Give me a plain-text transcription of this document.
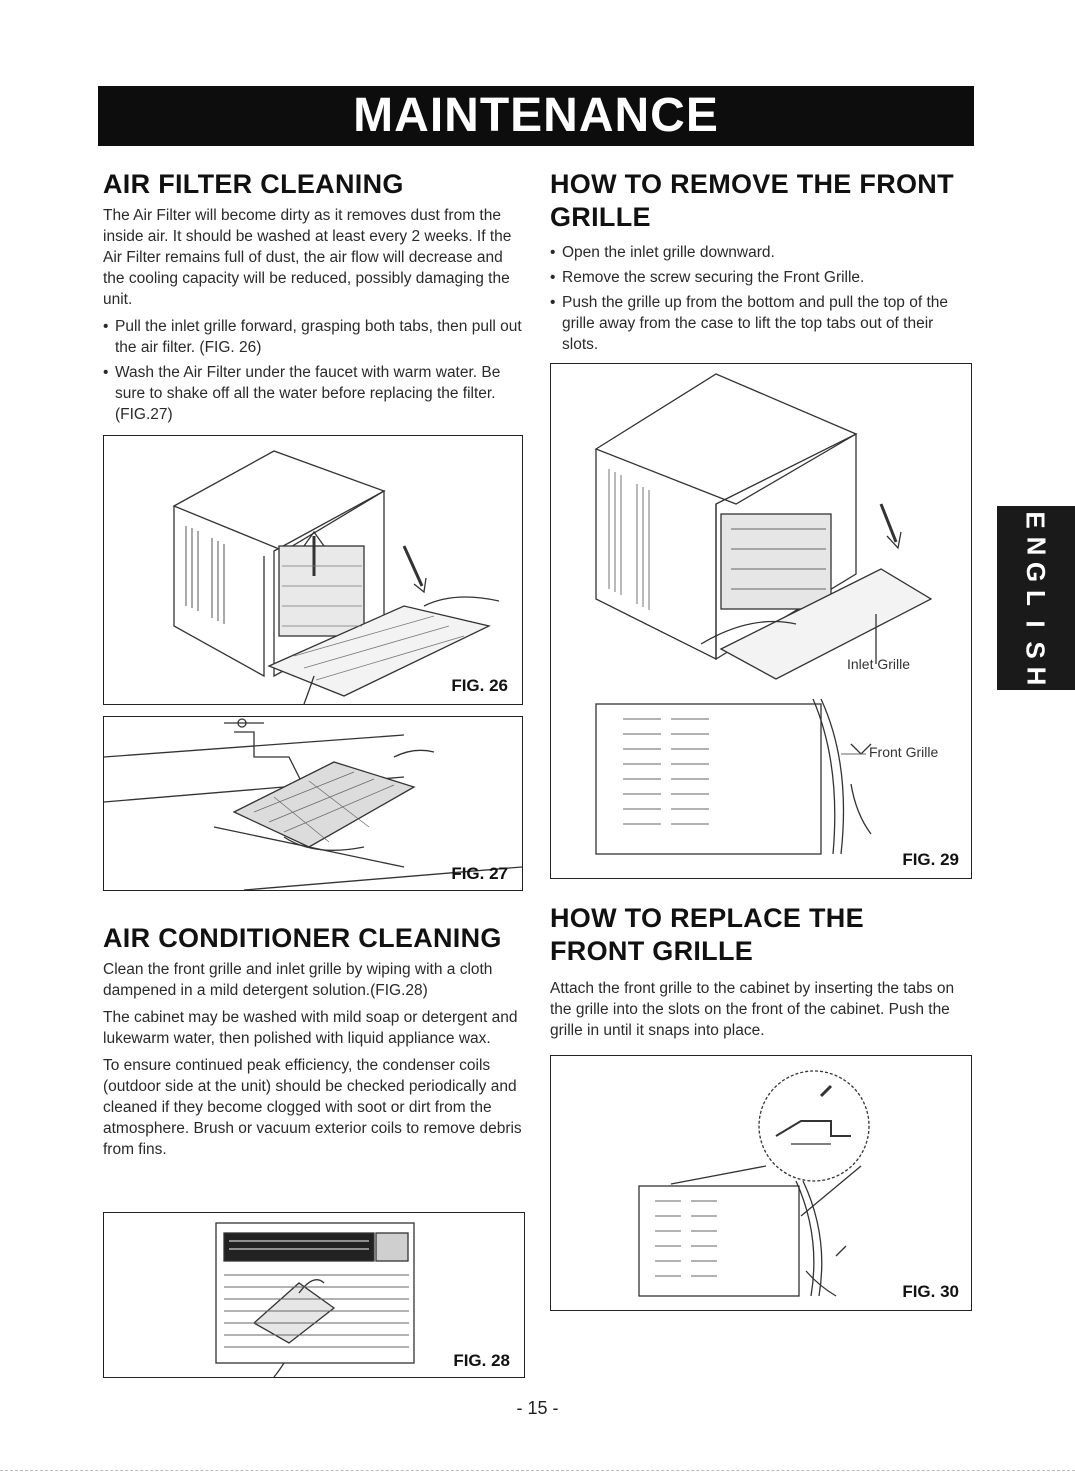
MAINTENANCE
E
N
G
L
I
S
H
AIR FILTER CLEANING

The Air Filter will become dirty as it removes dust from the inside air. It should be washed at least every 2 weeks. If the Air Filter remains full of dust, the air flow will decrease and the cooling capacity will be reduced, possibly damaging the unit.

• Pull the inlet grille forward, grasping both tabs, then pull out the air filter. (FIG. 26)
• Wash the Air Filter under the faucet with warm water. Be sure to shake off all the water before replacing the filter. (FIG.27)
FIG. 26
FIG. 27
AIR CONDITIONER CLEANING

Clean the front grille and inlet grille by wiping with a cloth dampened in a mild detergent solution.(FIG.28)

The cabinet may be washed with mild soap or detergent and lukewarm water, then polished with liquid appliance wax.

To ensure continued peak efficiency, the condenser coils (outdoor side at the unit) should be checked periodically and cleaned if they become clogged with soot or dirt from the atmosphere. Brush or vacuum exterior coils to remove debris from fins.

FIG. 28
HOW TO REMOVE THE FRONT
GRILLE
• Open the inlet grille downward.
• Remove the screw securing the Front Grille.
• Push the grille up from the bottom and pull the top of the grille away from the case to lift the top tabs out of their slots.
Inlet Grille
Front Grille
FIG. 29
HOW TO REPLACE THE
FRONT GRILLE

Attach the front grille to the cabinet by inserting the tabs on the grille into the slots on the front of the cabinet. Push the grille in until it snaps into place.

FIG. 30
- 15 -
